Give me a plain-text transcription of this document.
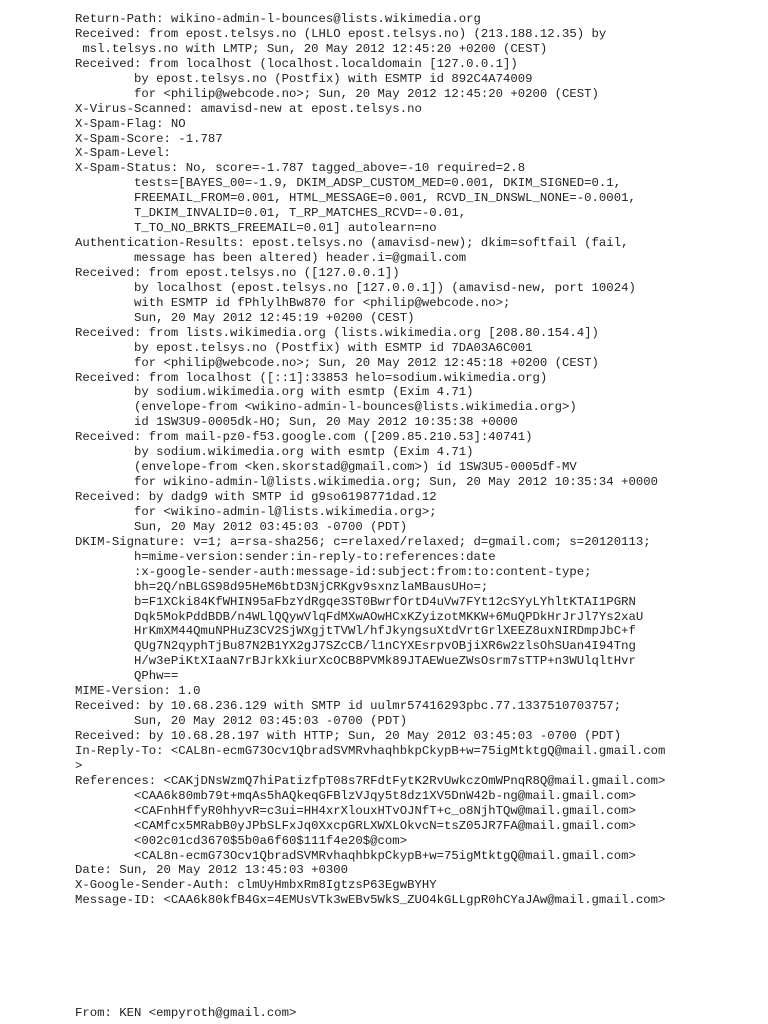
Return-Path: wikino-admin-l-bounces@lists.wikimedia.org
Received: from epost.telsys.no (LHLO epost.telsys.no) (213.188.12.35) by
msl.telsys.no with LMTP; Sun, 20 May 2012 12:45:20 +0200 (CEST)
Received: from localhost (localhost.localdomain [127.0.0.1])
by epost.telsys.no (Postfix) with ESMTP id 892C4A74009
for <philip@webcode.no>; Sun, 20 May 2012 12:45:20 +0200 (CEST)
X-Virus-Scanned: amavisd-new at epost.telsys.no
X-Spam-Flag: NO
X-Spam-Score: -1.787
X-Spam-Level:
X-Spam-Status: No, score=-1.787 tagged_above=-10 required=2.8
tests=[BAYES_00=-1.9, DKIM_ADSP_CUSTOM_MED=0.001, DKIM_SIGNED=0.1,
FREEMAIL_FROM=0.001, HTML_MESSAGE=0.001, RCVD_IN_DNSWL_NONE=-0.0001,
T_DKIM_INVALID=0.01, T_RP_MATCHES_RCVD=-0.01,
T_TO_NO_BRKTS_FREEMAIL=0.01] autolearn=no
Authentication-Results: epost.telsys.no (amavisd-new); dkim=softfail (fail,
message has been altered) header.i=@gmail.com
Received: from epost.telsys.no ([127.0.0.1])
by localhost (epost.telsys.no [127.0.0.1]) (amavisd-new, port 10024)
with ESMTP id fPhlylhBw870 for <philip@webcode.no>;
Sun, 20 May 2012 12:45:19 +0200 (CEST)
Received: from lists.wikimedia.org (lists.wikimedia.org [208.80.154.4])
by epost.telsys.no (Postfix) with ESMTP id 7DA03A6C001
for <philip@webcode.no>; Sun, 20 May 2012 12:45:18 +0200 (CEST)
Received: from localhost ([::1]:33853 helo=sodium.wikimedia.org)
by sodium.wikimedia.org with esmtp (Exim 4.71)
(envelope-from <wikino-admin-l-bounces@lists.wikimedia.org>)
id 1SW3U9-0005dk-HO; Sun, 20 May 2012 10:35:38 +0000
Received: from mail-pz0-f53.google.com ([209.85.210.53]:40741)
by sodium.wikimedia.org with esmtp (Exim 4.71)
(envelope-from <ken.skorstad@gmail.com>) id 1SW3U5-0005df-MV
for wikino-admin-l@lists.wikimedia.org; Sun, 20 May 2012 10:35:34 +0000
Received: by dadg9 with SMTP id g9so6198771dad.12
for <wikino-admin-l@lists.wikimedia.org>;
Sun, 20 May 2012 03:45:03 -0700 (PDT)
DKIM-Signature: v=1; a=rsa-sha256; c=relaxed/relaxed; d=gmail.com; s=20120113;
h=mime-version:sender:in-reply-to:references:date
:x-google-sender-auth:message-id:subject:from:to:content-type;
bh=2Q/nBLGS98d95HeM6btD3NjCRKgv9sxnzlaMBausUHo=;
b=F1XCki84KfWHIN95aFbzYdRgqe3ST0BwrfOrtD4uVw7FYt12cSYyLYhltKTAI1PGRN
Dqk5MokPddBDB/n4WLlQQywVlqFdMXwAOwHCxKZyizotMKKW+6MuQPDkHrJrJl7Ys2xaU
HrKmXM44QmuNPHuZ3CV2SjWXgjtTVWl/hfJkyngsuXtdVrtGrlXEEZ8uxNIRDmpJbC+f
QUg7N2qyphTjBu87N2B1YX2gJ7SZcCB/l1nCYXEsrpvOBjiXR6w2zlsOhSUan4I94Tng
H/w3ePiKtXIaaN7rBJrkXkiurXcOCB8PVMk89JTAEWueZWsOsrm7sTTP+n3WUlqltHvr
QPhw==
MIME-Version: 1.0
Received: by 10.68.236.129 with SMTP id uulmr57416293pbc.77.1337510703757;
Sun, 20 May 2012 03:45:03 -0700 (PDT)
Received: by 10.68.28.197 with HTTP; Sun, 20 May 2012 03:45:03 -0700 (PDT)
In-Reply-To: <CAL8n-ecmG73Ocv1QbradSVMRvhaqhbkpCkypB+w=75igMtktgQ@mail.gmail.com
>
References: <CAKjDNsWzmQ7hiPatizfpT08s7RFdtFytK2RvUwkczOmWPnqR8Q@mail.gmail.com>
<CAA6k80mb79t+mqAs5hAQkeqGFBlzVJqy5t8dz1XV5DnW42b-ng@mail.gmail.com>
<CAFnhHffyR0hhyvR=c3ui=HH4xrXlouxHTvOJNfT+c_o8NjhTQw@mail.gmail.com>
<CAMfcx5MRabB0yJPbSLFxJq0XxcpGRLXWXLOkvcN=tsZ05JR7FA@mail.gmail.com>
<002c01cd3670$5b0a6f60$111f4e20$@com>
<CAL8n-ecmG73Ocv1QbradSVMRvhaqhbkpCkypB+w=75igMtktgQ@mail.gmail.com>
Date: Sun, 20 May 2012 13:45:03 +0300
X-Google-Sender-Auth: clmUyHmbxRm8IgtzsP63EgwBYHY
Message-ID: <CAA6k80kfB4Gx=4EMUsVTk3wEBv5WkS_ZUO4kGLLgpR0hCYaJAw@mail.gmail.com>
From: KEN <empyroth@gmail.com>
